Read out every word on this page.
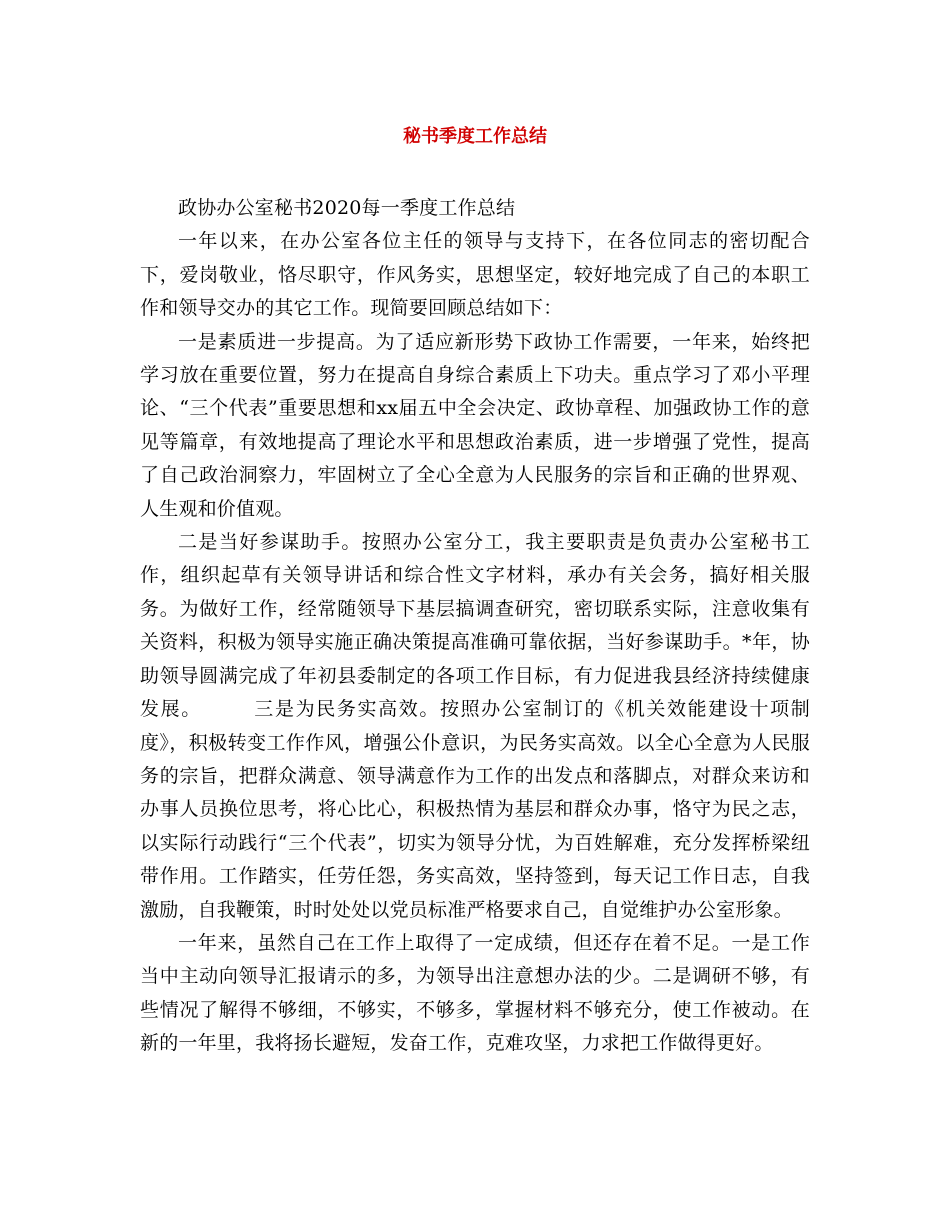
秘书季度工作总结

政协办公室秘书2020每一季度工作总结

一年以来，在办公室各位主任的领导与支持下，在各位同志的密切配合下，爱岗敬业，恪尽职守，作风务实，思想坚定，较好地完成了自己的本职工作和领导交办的其它工作。现简要回顾总结如下：

一是素质进一步提高。为了适应新形势下政协工作需要，一年来，始终把学习放在重要位置，努力在提高自身综合素质上下功夫。重点学习了邓小平理论、“三个代表”重要思想和xx届五中全会决定、政协章程、加强政协工作的意见等篇章，有效地提高了理论水平和思想政治素质，进一步增强了党性，提高了自己政治洞察力，牢固树立了全心全意为人民服务的宗旨和正确的世界观、人生观和价值观。

二是当好参谋助手。按照办公室分工，我主要职责是负责办公室秘书工作，组织起草有关领导讲话和综合性文字材料，承办有关会务，搞好相关服务。为做好工作，经常随领导下基层搞调查研究，密切联系实际，注意收集有关资料，积极为领导实施正确决策提高准确可靠依据，当好参谋助手。*年，协助领导圆满完成了年初县委制定的各项工作目标，有力促进我县经济持续健康发展。　　　三是为民务实高效。按照办公室制订的《机关效能建设十项制度》，积极转变工作作风，增强公仆意识，为民务实高效。以全心全意为人民服务的宗旨，把群众满意、领导满意作为工作的出发点和落脚点，对群众来访和办事人员换位思考，将心比心，积极热情为基层和群众办事，恪守为民之志，以实际行动践行“三个代表”，切实为领导分忧，为百姓解难，充分发挥桥梁纽带作用。工作踏实，任劳任怨，务实高效，坚持签到，每天记工作日志，自我激励，自我鞭策，时时处处以党员标准严格要求自己，自觉维护办公室形象。

一年来，虽然自己在工作上取得了一定成绩，但还存在着不足。一是工作当中主动向领导汇报请示的多，为领导出注意想办法的少。二是调研不够，有些情况了解得不够细，不够实，不够多，掌握材料不够充分，使工作被动。在新的一年里，我将扬长避短，发奋工作，克难攻坚，力求把工作做得更好。
